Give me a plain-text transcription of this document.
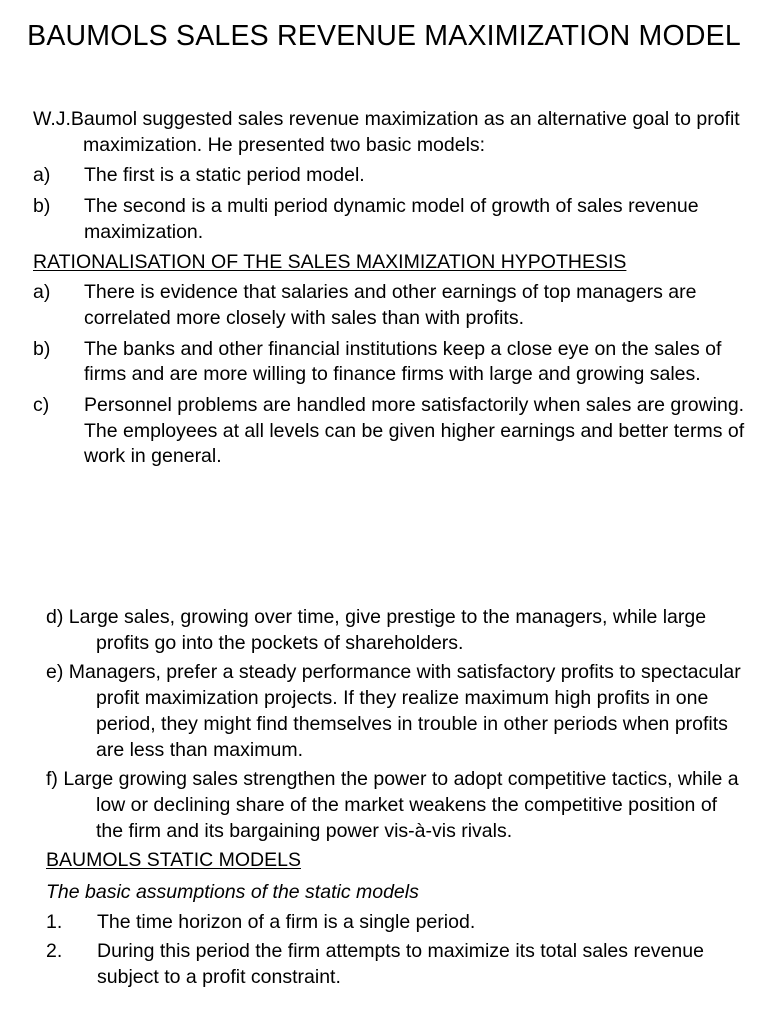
BAUMOLS SALES REVENUE MAXIMIZATION MODEL

W.J.Baumol suggested sales revenue maximization as an alternative goal to profit maximization. He presented two basic models:

a) The first is a static period model.
b) The second is a multi period dynamic model of growth of sales revenue maximization.
RATIONALISATION OF THE SALES MAXIMIZATION HYPOTHESIS
a) There is evidence that salaries and other earnings of top managers are correlated more closely with sales than with profits.
b) The banks and other financial institutions keep a close eye on the sales of firms and are more willing to finance firms with large and growing sales.
c) Personnel problems are handled more satisfactorily when sales are growing. The employees at all levels can be given higher earnings and better terms of work in general.

d) Large sales, growing over time, give prestige to the managers, while large profits go into the pockets of shareholders.

e) Managers, prefer a steady performance with satisfactory profits to spectacular profit maximization projects. If they realize maximum high profits in one period, they might find themselves in trouble in other periods when profits are less than maximum.

f) Large growing sales strengthen the power to adopt competitive tactics, while a low or declining share of the market weakens the competitive position of the firm and its bargaining power vis-à-vis rivals.

BAUMOLS STATIC MODELS
The basic assumptions of the static models
1. The time horizon of a firm is a single period.
2. During this period the firm attempts to maximize its total sales revenue subject to a profit constraint.
